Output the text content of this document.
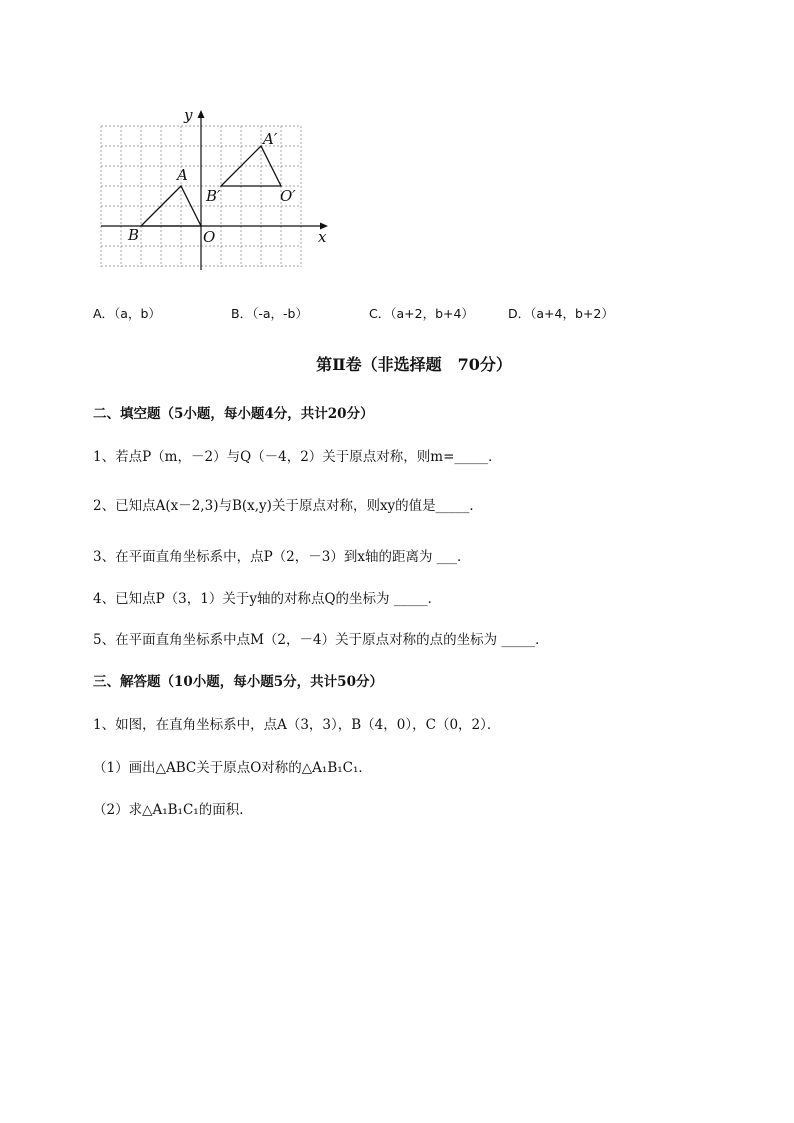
y
x
A
B	O
A′
B′	O′
A．（a，b）	B．（-a，-b）	C．（a+2，b+4）	D．（a+4，b+2）
第Ⅱ卷（非选择题　70分）
二、填空题（5小题，每小题4分，共计20分）
1、若点P（m，－2）与Q（－4，2）关于原点对称，则m=_____．
2、已知点A(x－2,3)与B(x,y)关于原点对称，则xy的值是_____．
3、在平面直角坐标系中，点P（2，－3）到x轴的距离为 ___．
4、已知点P（3，1）关于y轴的对称点Q的坐标为 _____．
5、在平面直角坐标系中点M（2，－4）关于原点对称的点的坐标为 _____．
三、解答题（10小题，每小题5分，共计50分）
1、如图，在直角坐标系中，点A（3，3），B（4，0），C（0，2）．
（1）画出△ABC关于原点O对称的△A₁B₁C₁．
（2）求△A₁B₁C₁的面积．
